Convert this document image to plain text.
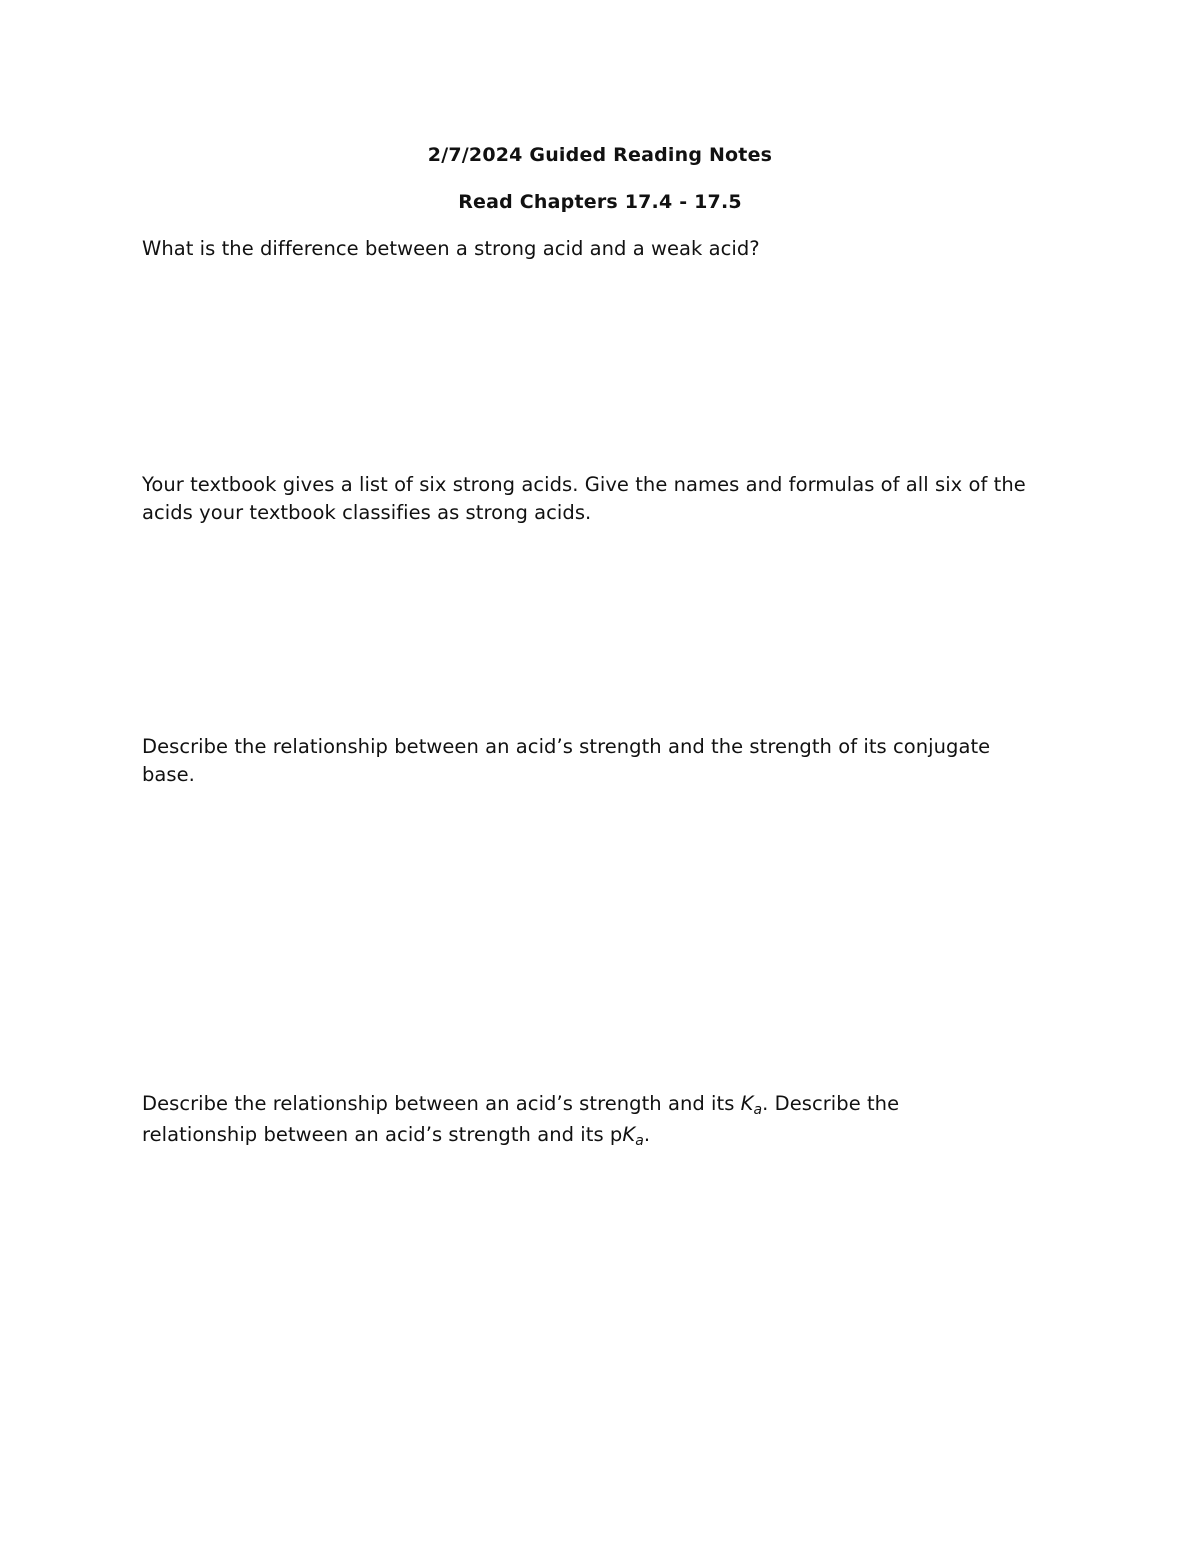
2/7/2024 Guided Reading Notes
Read Chapters 17.4 - 17.5
What is the difference between a strong acid and a weak acid?
Your textbook gives a list of six strong acids. Give the names and formulas of all six of the
acids your textbook classifies as strong acids.
Describe the relationship between an acid’s strength and the strength of its conjugate
base.
Describe the relationship between an acid’s strength and its $K_a$. Describe the
relationship between an acid’s strength and its $pK_a$.
